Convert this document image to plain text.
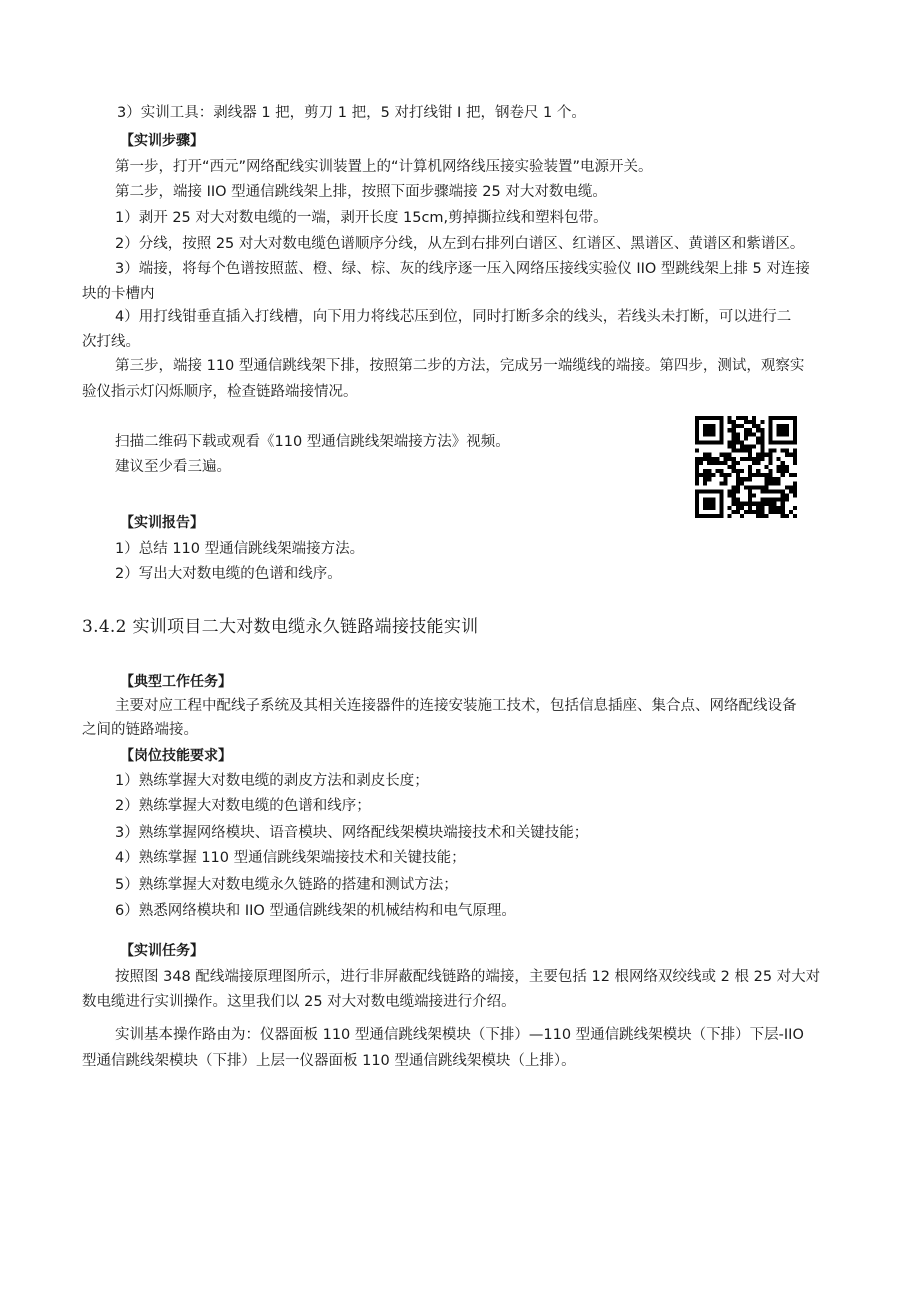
3）实训工具：剥线器 1 把，剪刀 1 把，5 对打线钳 I 把，钢卷尺 1 个。
【实训步骤】
第一步，打开“西元”网络配线实训装置上的“计算机网络线压接实验装置”电源开关。
第二步，端接 IIO 型通信跳线架上排，按照下面步骤端接 25 对大对数电缆。
1）剥开 25 对大对数电缆的一端，剥开长度 15cm,剪掉撕拉线和塑料包带。
2）分线，按照 25 对大对数电缆色谱顺序分线，从左到右排列白谱区、红谱区、黑谱区、黄谱区和紫谱区。
3）端接，将每个色谱按照蓝、橙、绿、棕、灰的线序逐一压入网络压接线实验仪 IIO 型跳线架上排 5 对连接
块的卡槽内
4）用打线钳垂直插入打线槽，向下用力将线芯压到位，同时打断多余的线头，若线头未打断，可以进行二
次打线。
第三步，端接 110 型通信跳线架下排，按照第二步的方法，完成另一端缆线的端接。第四步，测试，观察实
验仪指示灯闪烁顺序，检查链路端接情况。
扫描二维码下载或观看《110 型通信跳线架端接方法》视频。
建议至少看三遍。
【实训报告】
1）总结 110 型通信跳线架端接方法。
2）写出大对数电缆的色谱和线序。
3.4.2 实训项目二大对数电缆永久链路端接技能实训
【典型工作任务】
主要对应工程中配线子系统及其相关连接器件的连接安装施工技术，包括信息插座、集合点、网络配线设备
之间的链路端接。
【岗位技能要求】
1）熟练掌握大对数电缆的剥皮方法和剥皮长度；
2）熟练掌握大对数电缆的色谱和线序；
3）熟练掌握网络模块、语音模块、网络配线架模块端接技术和关键技能；
4）熟练掌握 110 型通信跳线架端接技术和关键技能；
5）熟练掌握大对数电缆永久链路的搭建和测试方法；
6）熟悉网络模块和 IIO 型通信跳线架的机械结构和电气原理。
【实训任务】
按照图 348 配线端接原理图所示，进行非屏蔽配线链路的端接，主要包括 12 根网络双绞线或 2 根 25 对大对
数电缆进行实训操作。这里我们以 25 对大对数电缆端接进行介绍。
实训基本操作路由为：仪器面板 110 型通信跳线架模块（下排）—110 型通信跳线架模块（下排）下层-IIO
型通信跳线架模块（下排）上层一仪器面板 110 型通信跳线架模块（上排）。
